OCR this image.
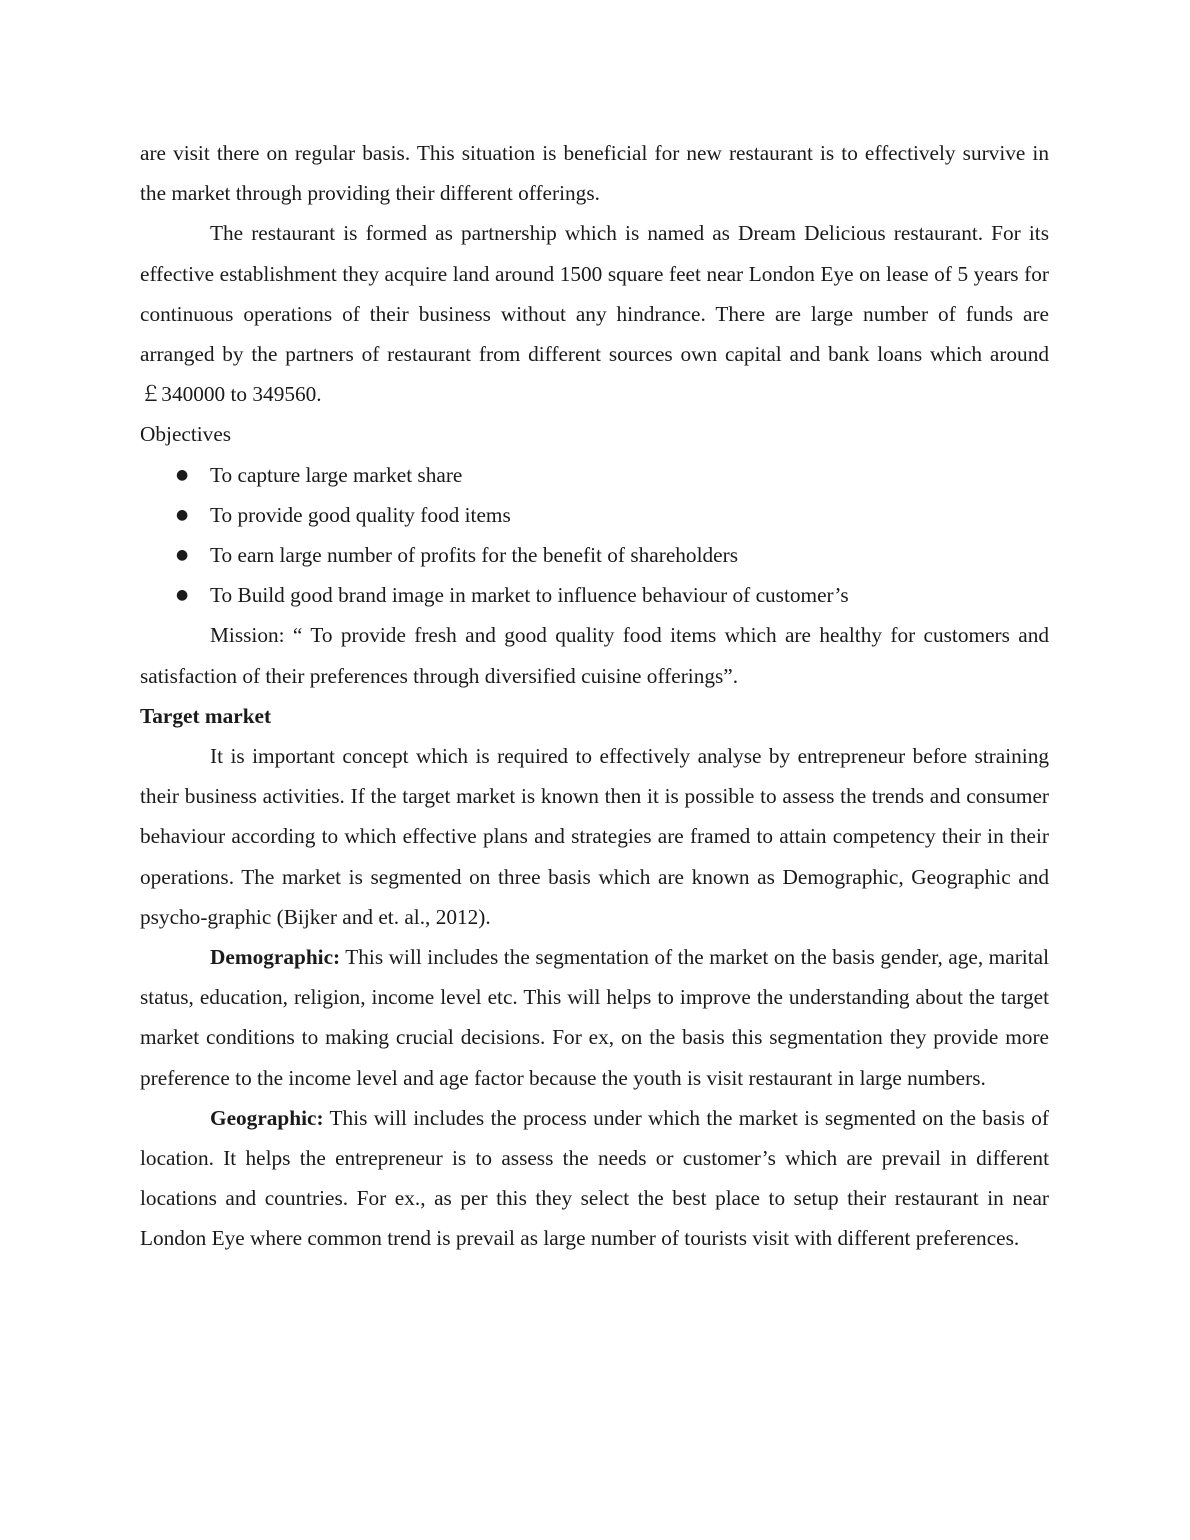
are visit there on regular basis. This situation is beneficial for new restaurant is to effectively survive in the market through providing their different offerings.

The restaurant is formed as partnership which is named as Dream Delicious restaurant. For its effective establishment they acquire land around 1500 square feet near London Eye on lease of 5 years for continuous operations of their business without any hindrance. There are large number of funds are arranged by the partners of restaurant from different sources own capital and bank loans which around ￡340000 to 349560.

Objectives

● To capture large market share
● To provide good quality food items
● To earn large number of profits for the benefit of shareholders
● To Build good brand image in market to influence behaviour of customer’s

Mission: “ To provide fresh and good quality food items which are healthy for customers and satisfaction of their preferences through diversified cuisine offerings”.

Target market

It is important concept which is required to effectively analyse by entrepreneur before straining their business activities. If the target market is known then it is possible to assess the trends and consumer behaviour according to which effective plans and strategies are framed to attain competency their in their operations. The market is segmented on three basis which are known as Demographic, Geographic and psycho-graphic (Bijker and et. al., 2012).

Demographic: This will includes the segmentation of the market on the basis gender, age, marital status, education, religion, income level etc. This will helps to improve the understanding about the target market conditions to making crucial decisions. For ex, on the basis this segmentation they provide more preference to the income level and age factor because the youth is visit restaurant in large numbers.

Geographic: This will includes the process under which the market is segmented on the basis of location. It helps the entrepreneur is to assess the needs or customer’s which are prevail in different locations and countries. For ex., as per this they select the best place to setup their restaurant in near London Eye where common trend is prevail as large number of tourists visit with different preferences.
